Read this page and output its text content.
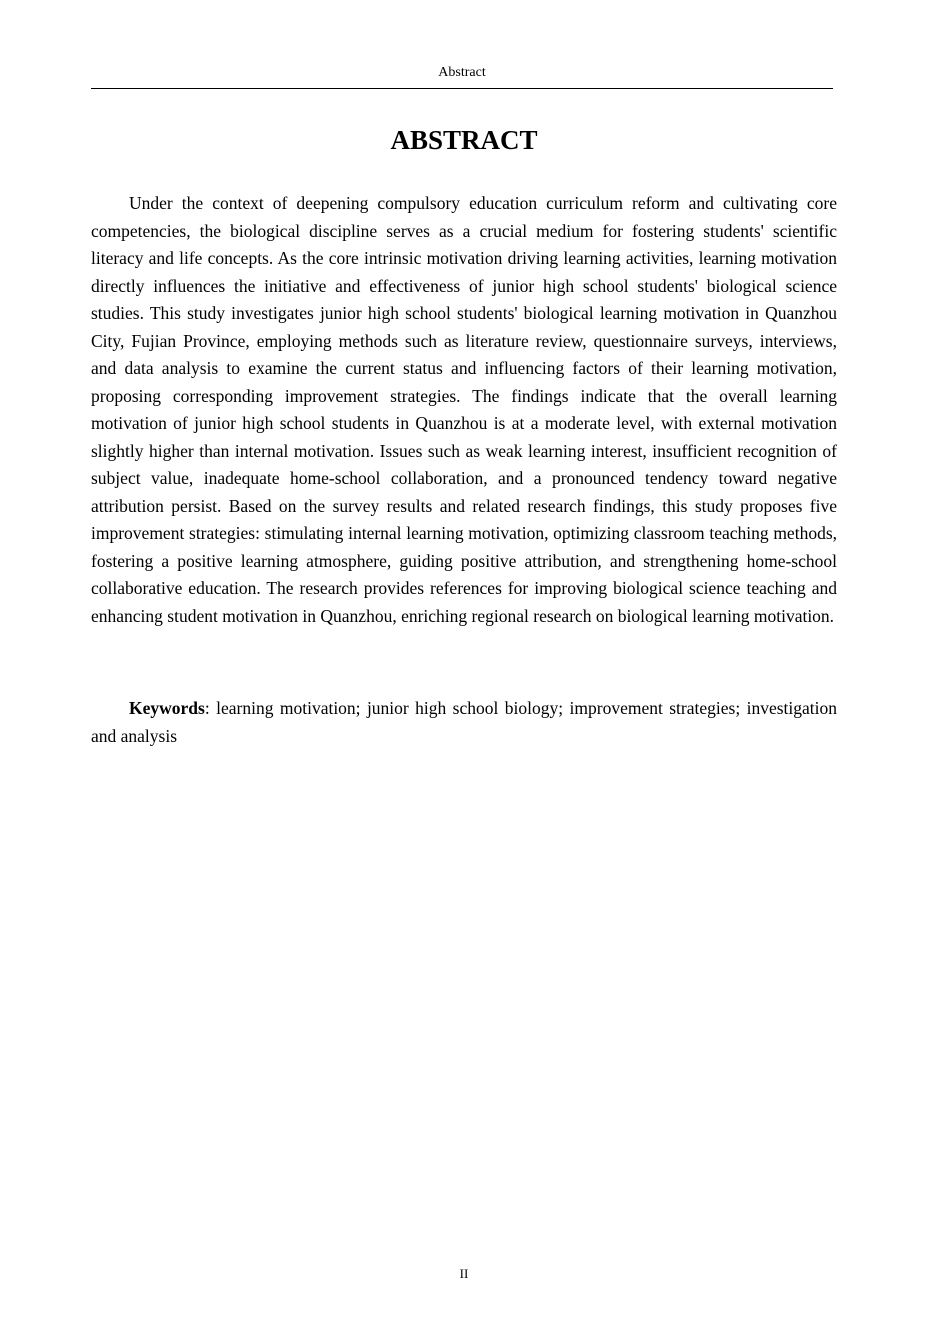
Abstract
ABSTRACT

Under the context of deepening compulsory education curriculum reform and cultivating core competencies, the biological discipline serves as a crucial medium for fostering students' scientific literacy and life concepts. As the core intrinsic motivation driving learning activities, learning motivation directly influences the initiative and effectiveness of junior high school students' biological science studies. This study investigates junior high school students' biological learning motivation in Quanzhou City, Fujian Province, employing methods such as literature review, questionnaire surveys, interviews, and data analysis to examine the current status and influencing factors of their learning motivation, proposing corresponding improvement strategies. The findings indicate that the overall learning motivation of junior high school students in Quanzhou is at a moderate level, with external motivation slightly higher than internal motivation. Issues such as weak learning interest, insufficient recognition of subject value, inadequate home-school collaboration, and a pronounced tendency toward negative attribution persist. Based on the survey results and related research findings, this study proposes five improvement strategies: stimulating internal learning motivation, optimizing classroom teaching methods, fostering a positive learning atmosphere, guiding positive attribution, and strengthening home-school collaborative education. The research provides references for improving biological science teaching and enhancing student motivation in Quanzhou, enriching regional research on biological learning motivation.

Keywords: learning motivation; junior high school biology; improvement strategies; investigation and analysis

II
